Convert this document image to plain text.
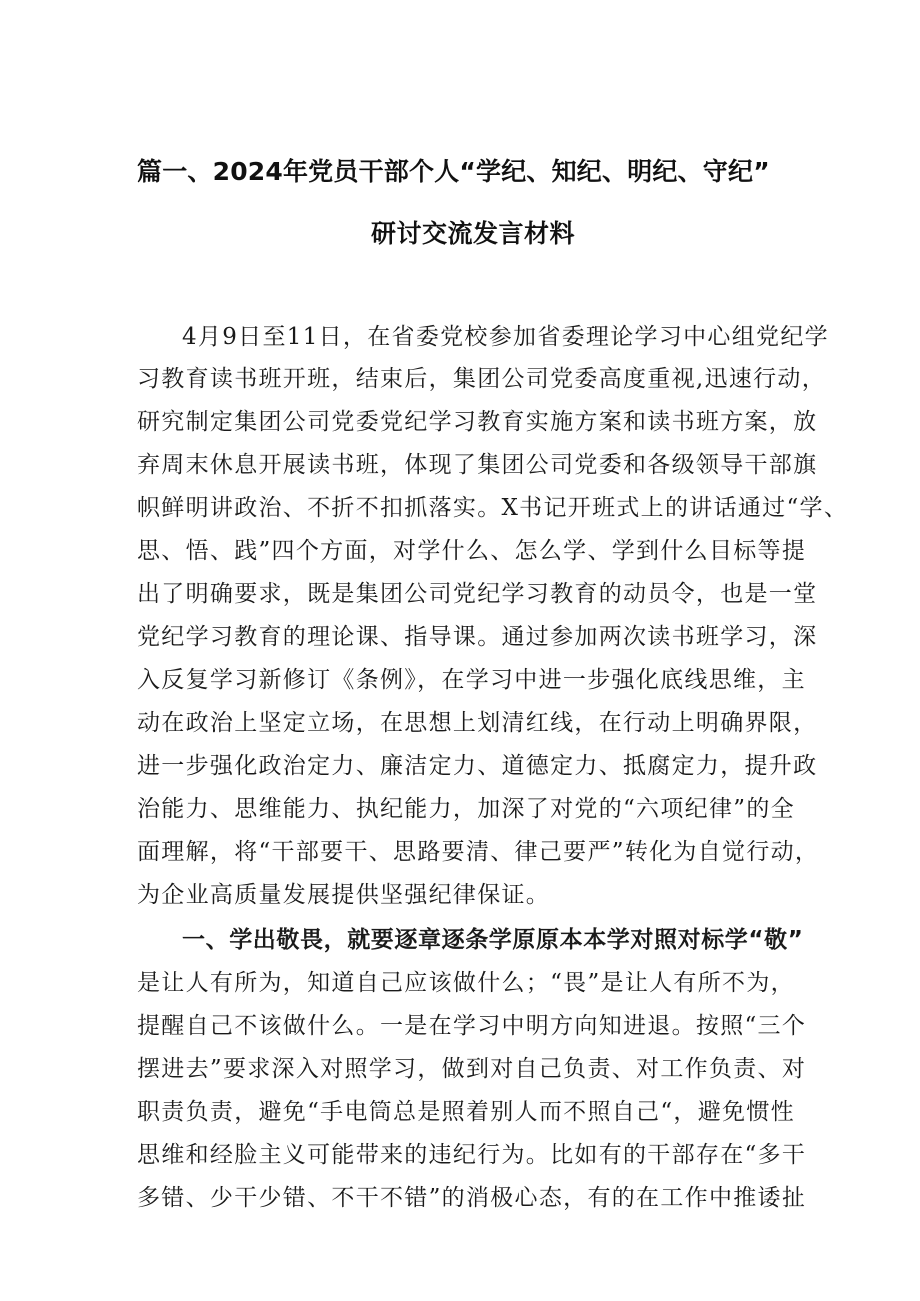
篇一、2024年党员干部个人“学纪、知纪、明纪、守纪”
研讨交流发言材料
4月9日至11日，在省委党校参加省委理论学习中心组党纪学
习教育读书班开班，结束后，集团公司党委高度重视,迅速行动，
研究制定集团公司党委党纪学习教育实施方案和读书班方案，放
弃周末休息开展读书班，体现了集团公司党委和各级领导干部旗
帜鲜明讲政治、不折不扣抓落实。X书记开班式上的讲话通过“学、
思、悟、践”四个方面，对学什么、怎么学、学到什么目标等提
出了明确要求，既是集团公司党纪学习教育的动员令，也是一堂
党纪学习教育的理论课、指导课。通过参加两次读书班学习，深
入反复学习新修订《条例》，在学习中进一步强化底线思维，主
动在政治上坚定立场，在思想上划清红线，在行动上明确界限，
进一步强化政治定力、廉洁定力、道德定力、抵腐定力，提升政
治能力、思维能力、执纪能力，加深了对党的“六项纪律”的全
面理解，将“干部要干、思路要清、律己要严”转化为自觉行动，
为企业高质量发展提供坚强纪律保证。
一、学出敬畏，就要逐章逐条学原原本本学对照对标学“敬”
是让人有所为，知道自己应该做什么；“畏”是让人有所不为，
提醒自己不该做什么。一是在学习中明方向知进退。按照“三个
摆进去”要求深入对照学习，做到对自己负责、对工作负责、对
职责负责，避免“手电筒总是照着别人而不照自己“，避免惯性
思维和经脸主义可能带来的违纪行为。比如有的干部存在“多干
多错、少干少错、不干不错”的消极心态，有的在工作中推诿扯
